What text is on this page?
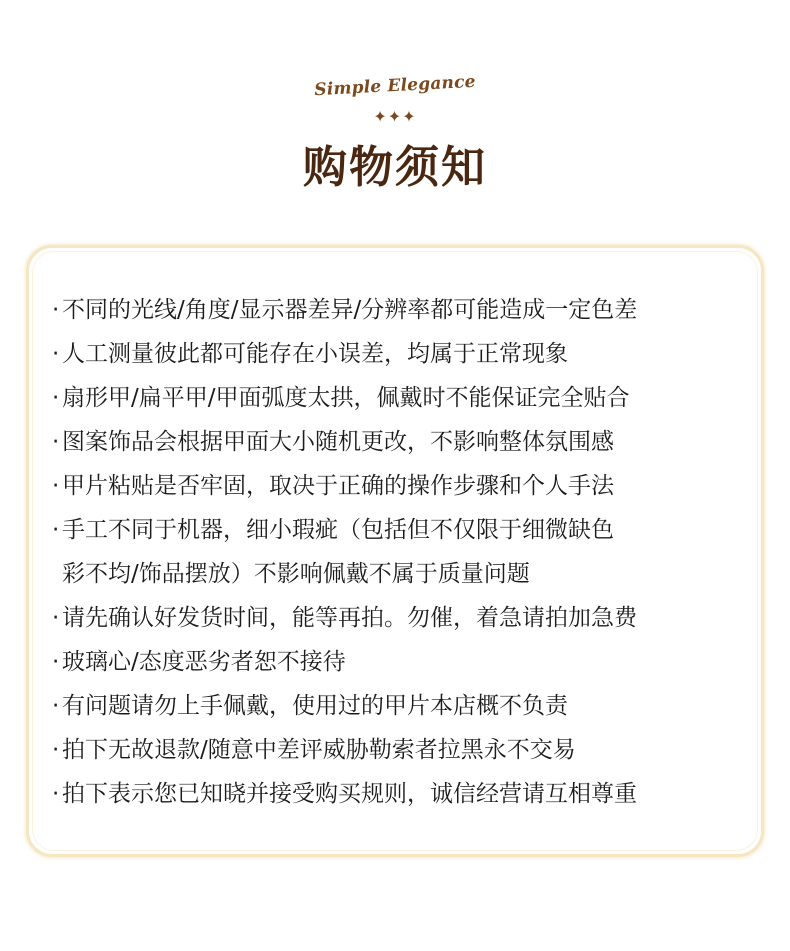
Simple Elegance
✦✦✦
购物须知
· 不同的光线/角度/显示器差异/分辨率都可能造成一定色差
· 人工测量彼此都可能存在小误差，均属于正常现象
· 扇形甲/扁平甲/甲面弧度太拱，佩戴时不能保证完全贴合
· 图案饰品会根据甲面大小随机更改，不影响整体氛围感
· 甲片粘贴是否牢固，取决于正确的操作步骤和个人手法
· 手工不同于机器，细小瑕疵（包括但不仅限于细微缺色
彩不均/饰品摆放）不影响佩戴不属于质量问题
· 请先确认好发货时间，能等再拍。勿催，着急请拍加急费
· 玻璃心/态度恶劣者恕不接待
· 有问题请勿上手佩戴，使用过的甲片本店概不负责
· 拍下无故退款/随意中差评威胁勒索者拉黑永不交易
· 拍下表示您已知晓并接受购买规则，诚信经营请互相尊重
